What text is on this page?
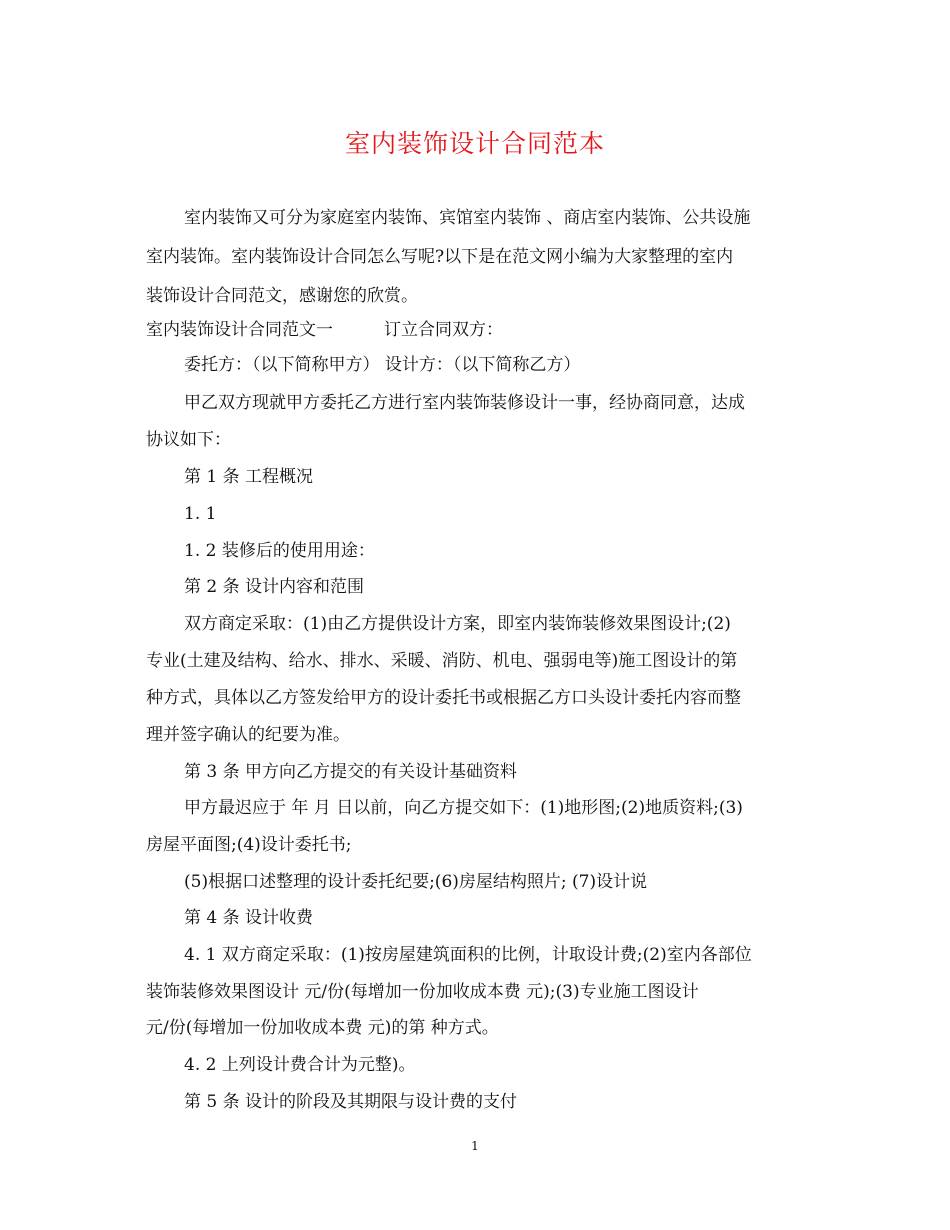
室内装饰设计合同范本
室内装饰又可分为家庭室内装饰、宾馆室内装饰 、商店室内装饰、公共设施
室内装饰。室内装饰设计合同怎么写呢?以下是在范文网小编为大家整理的室内
装饰设计合同范文，感谢您的欣赏。
室内装饰设计合同范文一　　　订立合同双方：
委托方：（以下简称甲方） 设计方：（以下简称乙方）
甲乙双方现就甲方委托乙方进行室内装饰装修设计一事，经协商同意，达成
协议如下：
第 1 条 工程概况
1. 1
1. 2 装修后的使用用途：
第 2 条 设计内容和范围
双方商定采取：(1)由乙方提供设计方案，即室内装饰装修效果图设计;(2)
专业(土建及结构、给水、排水、采暖、消防、机电、强弱电等)施工图设计的第
种方式，具体以乙方签发给甲方的设计委托书或根据乙方口头设计委托内容而整
理并签字确认的纪要为准。
第 3 条 甲方向乙方提交的有关设计基础资料
甲方最迟应于 年 月 日以前，向乙方提交如下：(1)地形图;(2)地质资料;(3)
房屋平面图;(4)设计委托书;
(5)根据口述整理的设计委托纪要;(6)房屋结构照片; (7)设计说
第 4 条 设计收费
4. 1 双方商定采取：(1)按房屋建筑面积的比例，计取设计费;(2)室内各部位
装饰装修效果图设计 元/份(每增加一份加收成本费 元);(3)专业施工图设计
元/份(每增加一份加收成本费 元)的第 种方式。
4. 2 上列设计费合计为元整)。
第 5 条 设计的阶段及其期限与设计费的支付
1
